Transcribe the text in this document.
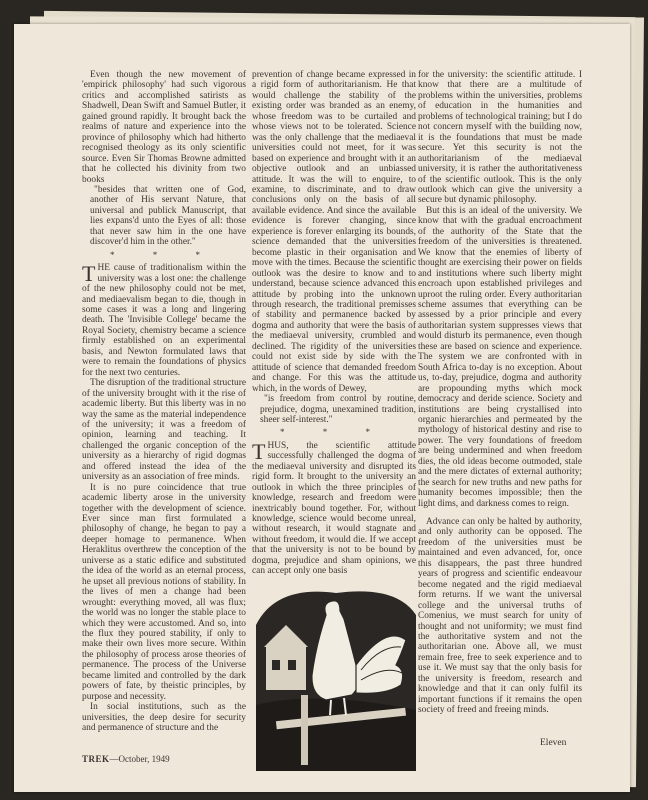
Even though the new movement of 'empirick philosophy' had such vigorous critics and accomplished satirists as Shadwell, Dean Swift and Samuel Butler, it gained ground rapidly. It brought back the realms of nature and experience into the province of philosophy which had hitherto recognised theology as its only scientific source. Even Sir Thomas Browne admitted that he collected his divinity from two books

"besides that written one of God, another of His servant Nature, that universal and publick Manuscript, that lies expans'd unto the Eyes of all: those that never saw him in the one have discover'd him in the other."
* * *

THE cause of traditionalism within the university was a lost one: the challenge of the new philosophy could not be met, and mediaevalism began to die, though in some cases it was a long and lingering death. The 'Invisible College' became the Royal Society, chemistry became a science firmly established on an experimental basis, and Newton formulated laws that were to remain the foundations of physics for the next two centuries.

The disruption of the traditional structure of the university brought with it the rise of academic liberty. But this liberty was in no way the same as the material independence of the university; it was a freedom of opinion, learning and teaching. It challenged the organic conception of the university as a hierarchy of rigid dogmas and offered instead the idea of the university as an association of free minds.

It is no pure coincidence that true academic liberty arose in the university together with the development of science. Ever since man first formulated a philosophy of change, he began to pay a deeper homage to permanence. When Heraklitus overthrew the conception of the universe as a static edifice and substituted the idea of the world as an eternal process, he upset all previous notions of stability. In the lives of men a change had been wrought: everything moved, all was flux; the world was no longer the stable place to which they were accustomed. And so, into the flux they poured stability, if only to make their own lives more secure. Within the philosophy of process arose theories of permanence. The process of the Universe became limited and controlled by the dark powers of fate, by theistic principles, by purpose and necessity.

In social institutions, such as the universities, the deep desire for security and permanence of structure and the

prevention of change became expressed in a rigid form of authoritarianism. He that would challenge the stability of the existing order was branded as an enemy, whose freedom was to be curtailed and whose views not to be tolerated. Science was the only challenge that the mediaeval universities could not meet, for it was based on experience and brought with it an objective outlook and an unbiassed attitude. It was the will to enquire, to examine, to discriminate, and to draw conclusions only on the basis of all available evidence. And since the available evidence is forever changing, since experience is forever enlarging its bounds, science demanded that the universities become plastic in their organisation and move with the times. Because the scientific outlook was the desire to know and to understand, because science advanced this attitude by probing into the unknown through research, the traditional premisses of stability and permanence backed by dogma and authority that were the basis of the mediaeval university, crumbled and declined. The rigidity of the universities could not exist side by side with the attitude of science that demanded freedom and change. For this was the attitude which, in the words of Dewey,

"is freedom from control by routine, prejudice, dogma, unexamined tradition, sheer self-interest."
* * *

THUS, the scientific attitude successfully challenged the dogma of the mediaeval university and disrupted its rigid form. It brought to the university an outlook in which the three principles of knowledge, research and freedom were inextricably bound together. For, without knowledge, science would become unreal, without research, it would stagnate and without freedom, it would die. If we accept that the university is not to be bound by dogma, prejudice and sham opinions, we can accept only one basis

for the university: the scientific attitude. I know that there are a multitude of problems within the universities, problems of education in the humanities and problems of technological training; but I do not concern myself with the building now, it is the foundations that must be made secure. Yet this security is not the authoritarianism of the mediaeval university, it is rather the authoritativeness of the scientific outlook. This is the only outlook which can give the university a secure but dynamic philosophy.

But this is an ideal of the university. We know that with the gradual encroachment of the authority of the State that the freedom of the universities is threatened. We know that the enemies of liberty of thought are exercising their power on fields and institutions where such liberty might encroach upon established privileges and uproot the ruling order. Every authoritarian scheme assumes that everything can be assessed by a prior principle and every authoritarian system suppresses views that would disturb its permanence, even though these are based on science and experience. The system we are confronted with in South Africa to-day is no exception. About us, to-day, prejudice, dogma and authority are propounding myths which mock democracy and deride science. Society and institutions are being crystallised into organic hierarchies and permeated by the mythology of historical destiny and rise to power. The very foundations of freedom are being undermined and when freedom dies, the old ideas become outmoded, stale and the mere dictates of external authority; the search for new truths and new paths for humanity becomes impossible; then the light dims, and darkness comes to reign.

Advance can only be halted by authority, and only authority can be opposed. The freedom of the universities must be maintained and even advanced, for, once this disappears, the past three hundred years of progress and scientific endeavour become negated and the rigid mediaeval form returns. If we want the universal college and the universal truths of Comenius, we must search for unity of thought and not uniformity; we must find the authoritative system and not the authoritarian one. Above all, we must remain free, free to seek experience and to use it. We must say that the only basis for the university is freedom, research and knowledge and that it can only fulfil its important functions if it remains the open society of freed and freeing minds.

TREK—October, 1949
Eleven
